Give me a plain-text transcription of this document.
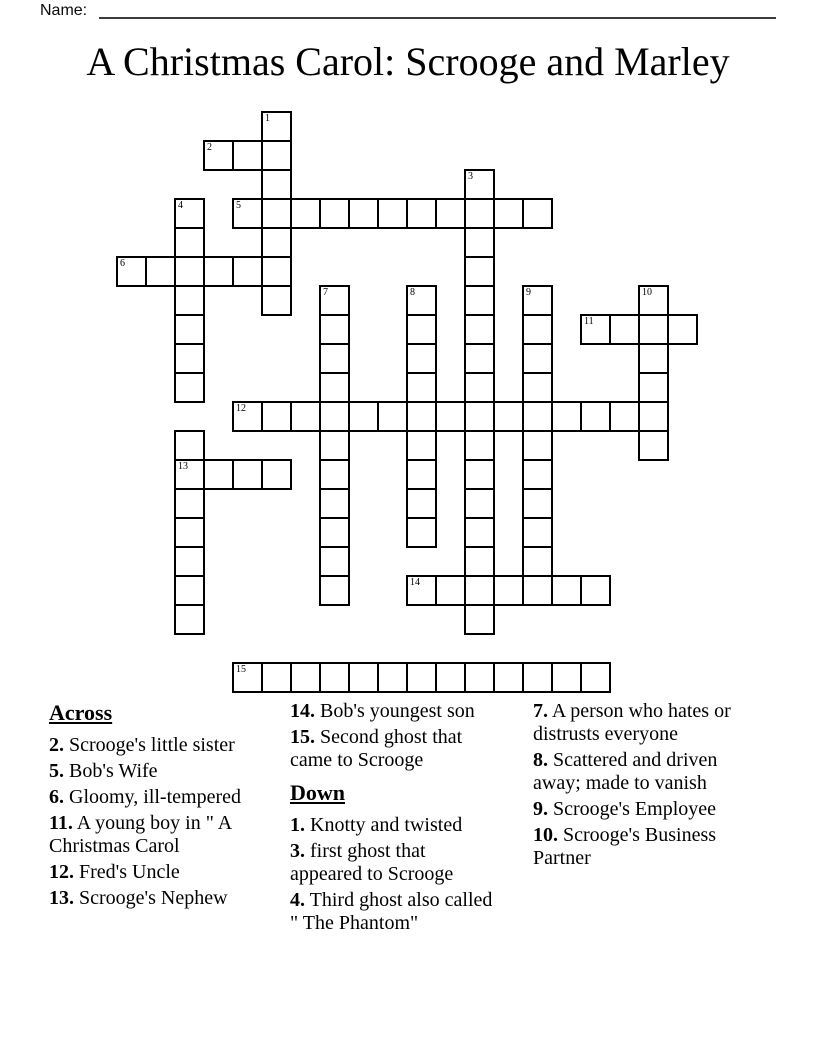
Name:
A Christmas Carol: Scrooge and Marley
1
2
3
4	5
6
7	8	9	10
11
12
13
14
15
Across
2. Scrooge's little sister
5. Bob's Wife
6. Gloomy, ill-tempered
11. A young boy in " A Christmas Carol
12. Fred's Uncle
13. Scrooge's Nephew
14. Bob's youngest son
15. Second ghost that came to Scrooge
Down
1. Knotty and twisted
3. first ghost that appeared to Scrooge
4. Third ghost also called " The Phantom"
7. A person who hates or distrusts everyone
8. Scattered and driven away; made to vanish
9. Scrooge's Employee
10. Scrooge's Business Partner
